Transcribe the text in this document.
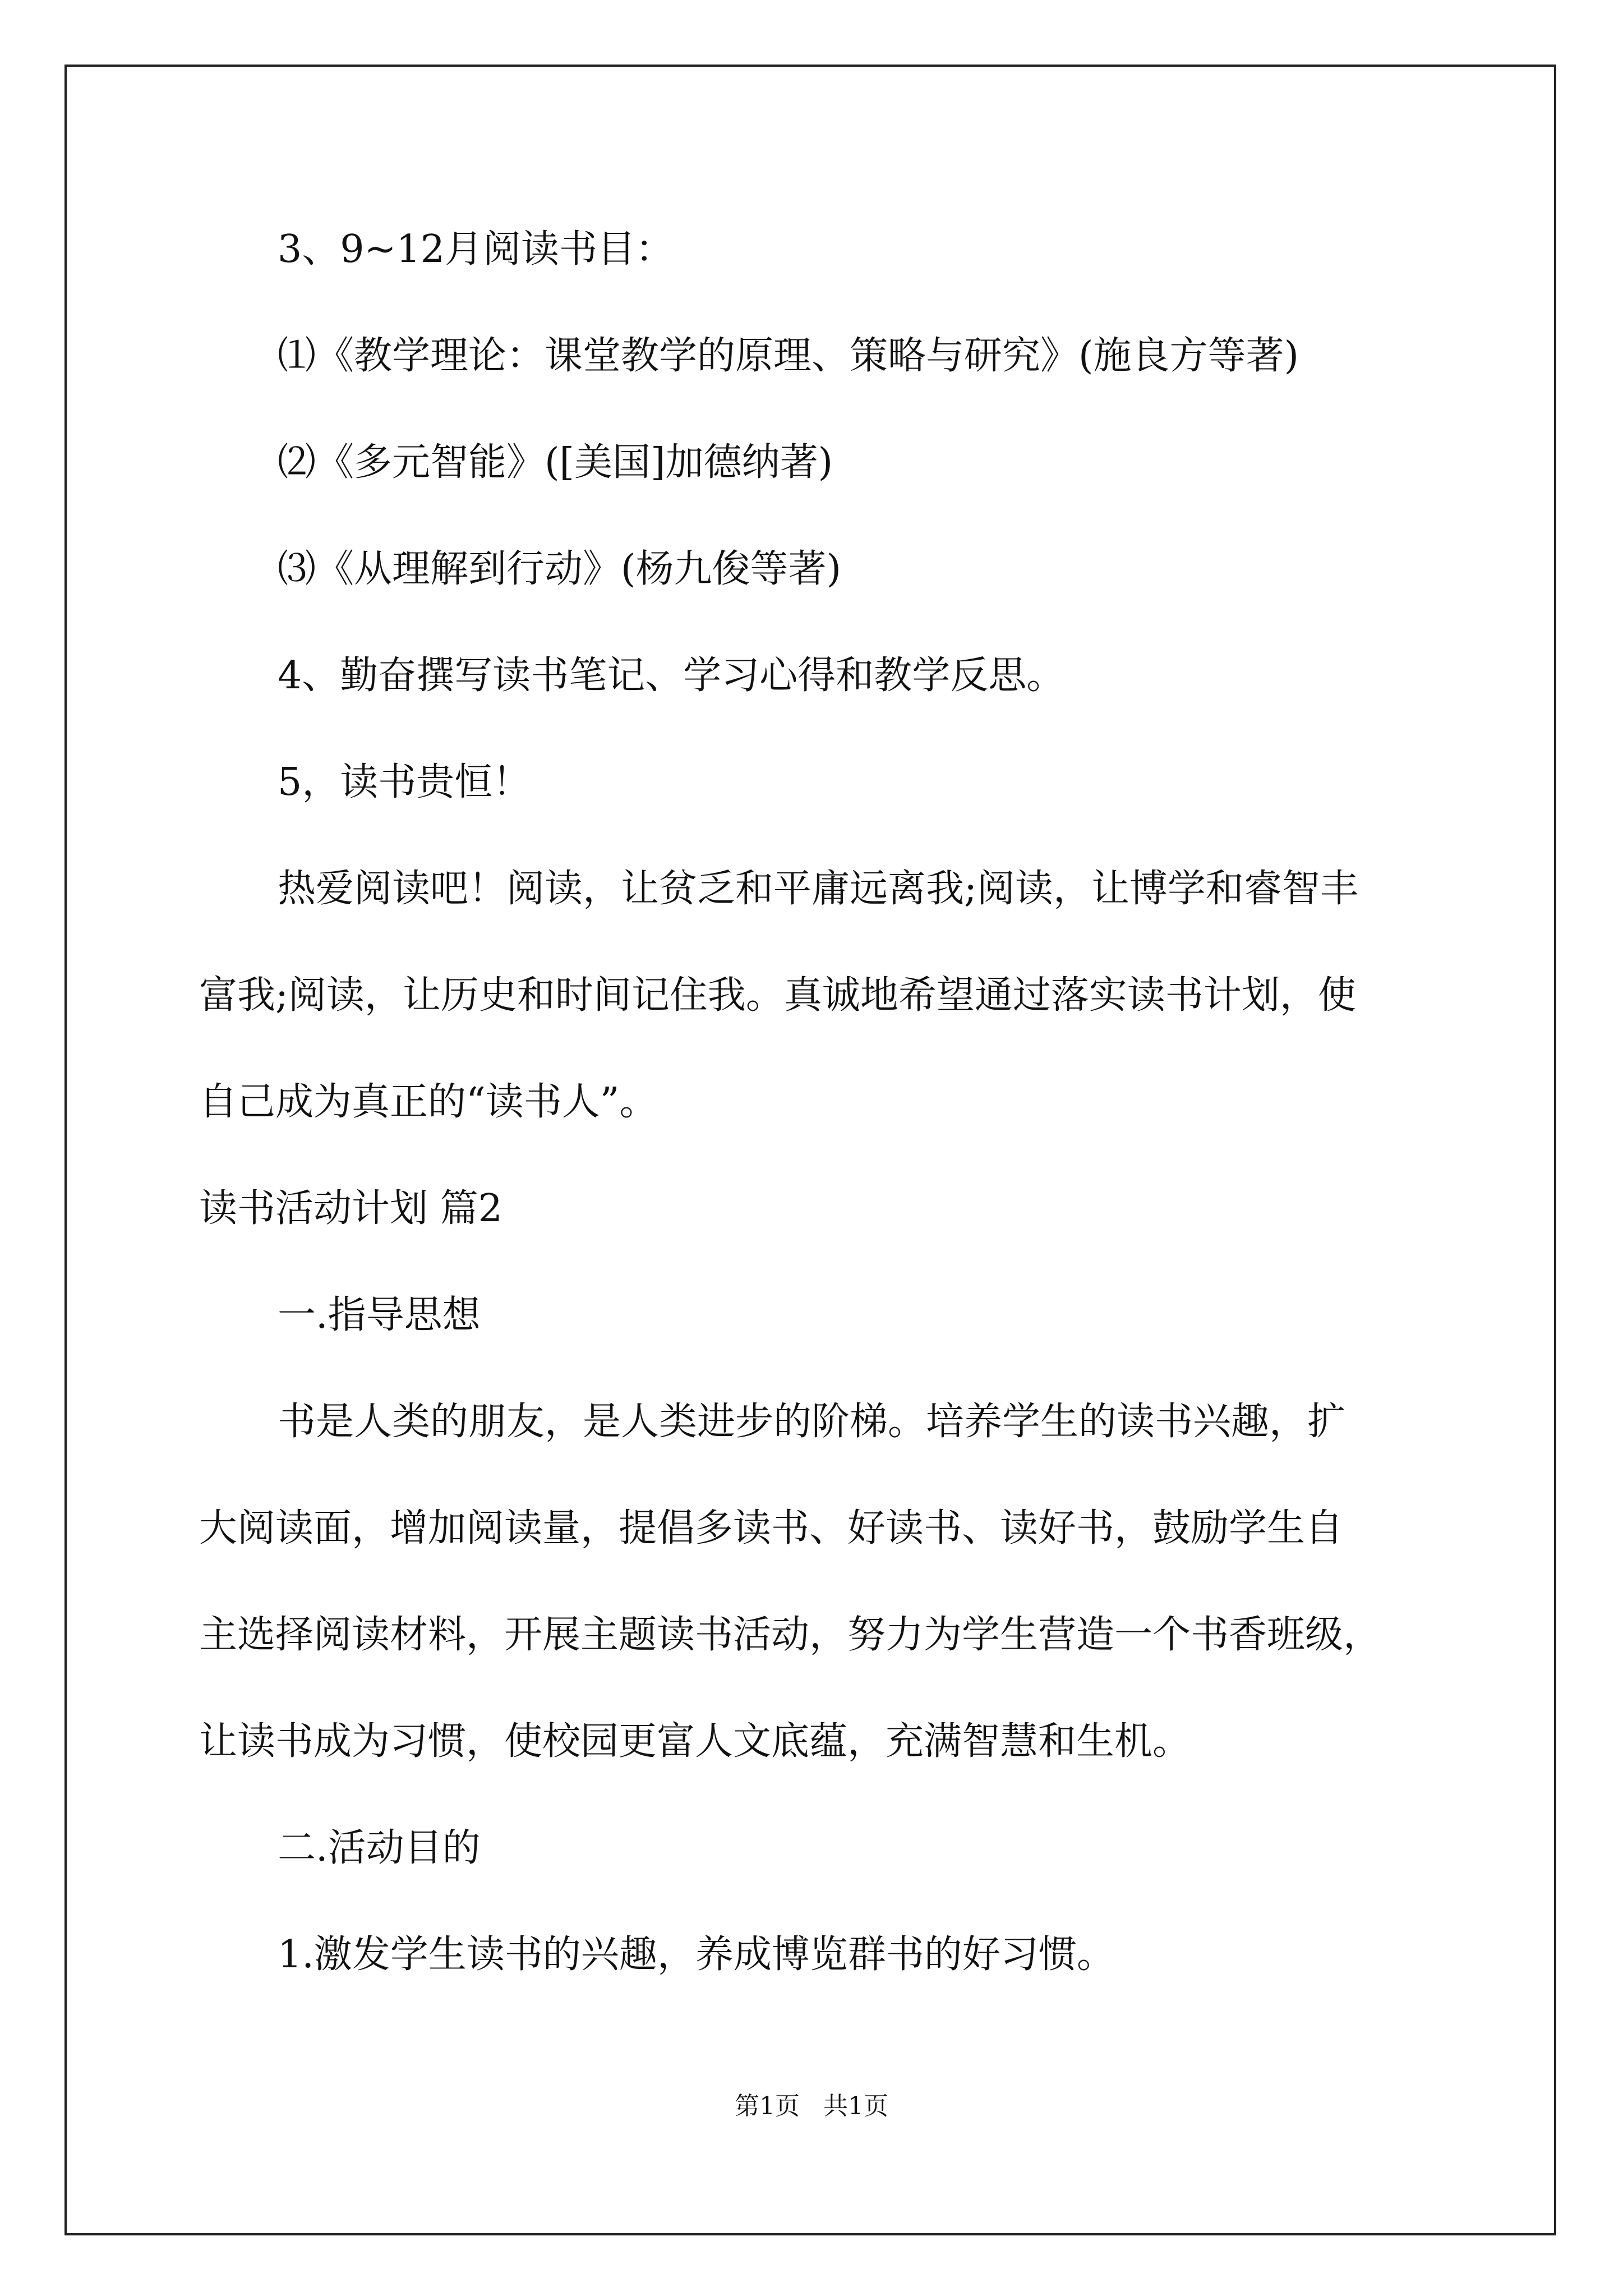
3、9~12月阅读书目：

⑴《教学理论：课堂教学的原理、策略与研究》(施良方等著)

⑵《多元智能》([美国]加德纳著)

⑶《从理解到行动》(杨九俊等著)

4、勤奋撰写读书笔记、学习心得和教学反思。

5，读书贵恒！

热爱阅读吧！阅读，让贫乏和平庸远离我;阅读，让博学和睿智丰

富我;阅读，让历史和时间记住我。真诚地希望通过落实读书计划，使

自己成为真正的“读书人”。

读书活动计划 篇2

一.指导思想

书是人类的朋友，是人类进步的阶梯。培养学生的读书兴趣，扩

大阅读面，增加阅读量，提倡多读书、好读书、读好书，鼓励学生自

主选择阅读材料，开展主题读书活动，努力为学生营造一个书香班级，

让读书成为习惯，使校园更富人文底蕴，充满智慧和生机。

二.活动目的

1.激发学生读书的兴趣，养成博览群书的好习惯。

第1页   共1页
